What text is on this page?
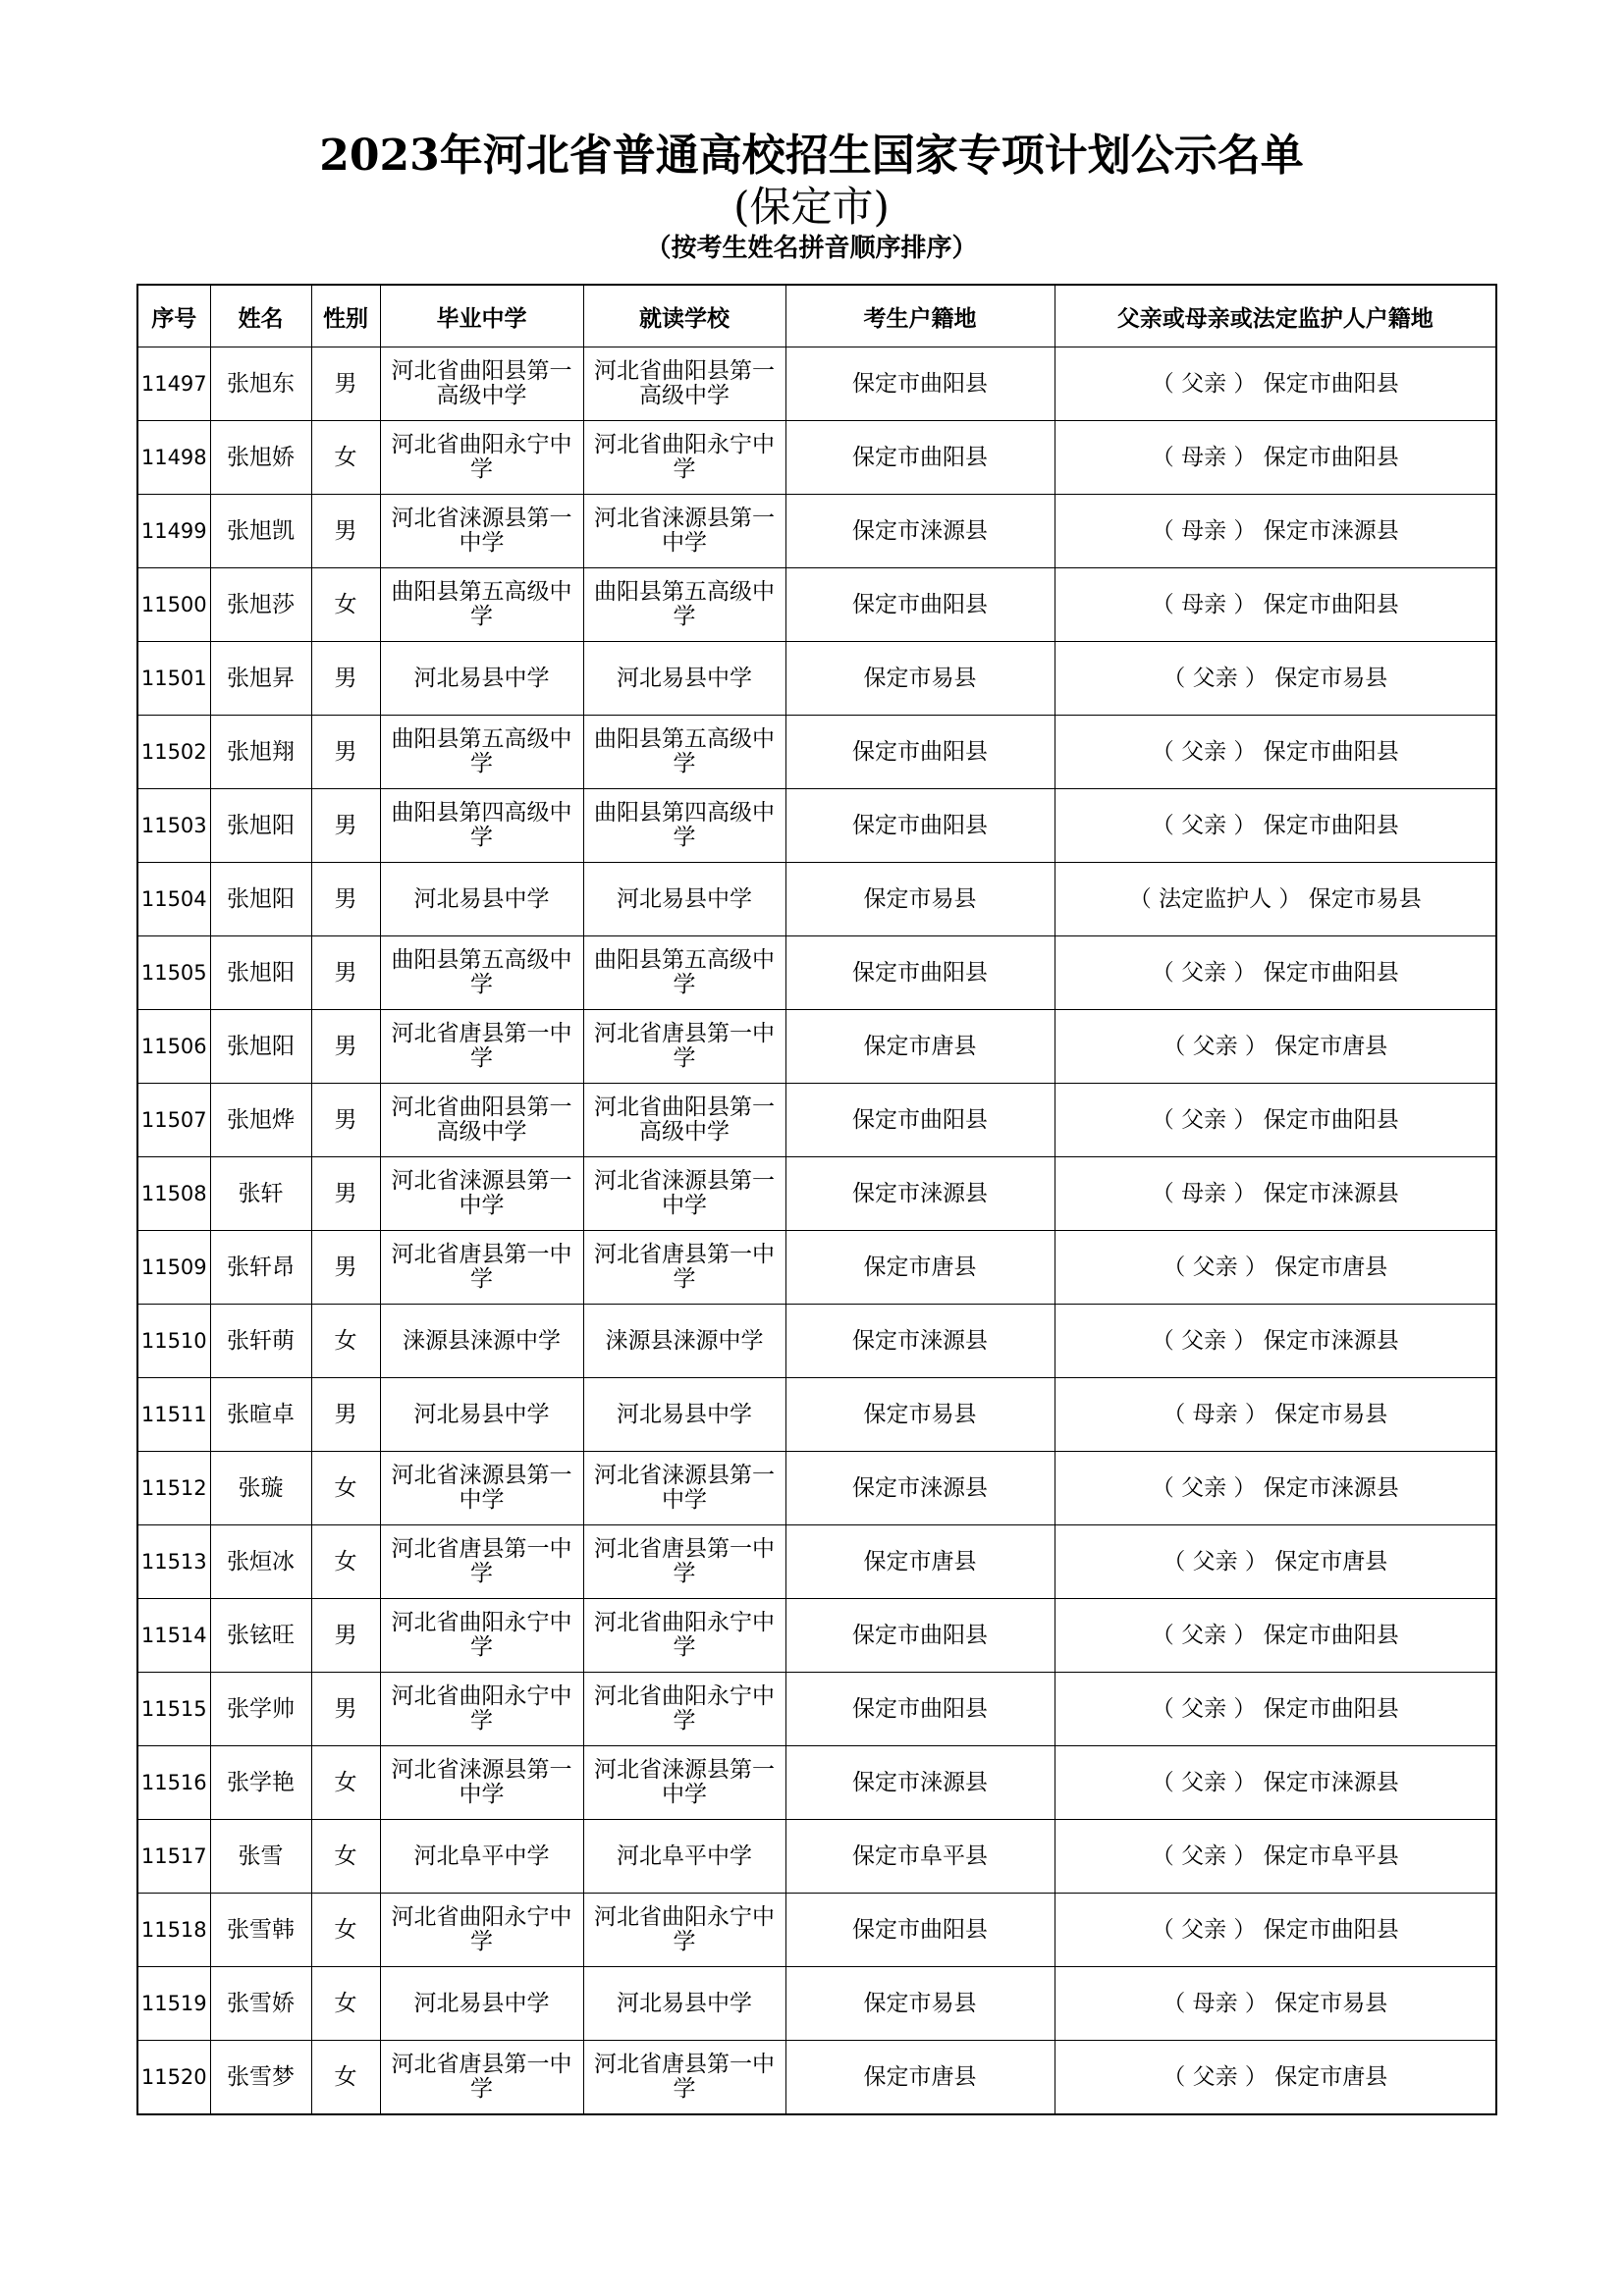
2023年河北省普通高校招生国家专项计划公示名单
(保定市)
（按考生姓名拼音顺序排序）
序号	姓名	性别	毕业中学	就读学校	考生户籍地	父亲或母亲或法定监护人户籍地
11497	张旭东	男	河北省曲阳县第一高级中学	河北省曲阳县第一高级中学	保定市曲阳县	（ 父亲 ） 保定市曲阳县
11498	张旭娇	女	河北省曲阳永宁中学	河北省曲阳永宁中学	保定市曲阳县	（ 母亲 ） 保定市曲阳县
11499	张旭凯	男	河北省涞源县第一中学	河北省涞源县第一中学	保定市涞源县	（ 母亲 ） 保定市涞源县
11500	张旭莎	女	曲阳县第五高级中学	曲阳县第五高级中学	保定市曲阳县	（ 母亲 ） 保定市曲阳县
11501	张旭昇	男	河北易县中学	河北易县中学	保定市易县	（ 父亲 ） 保定市易县
11502	张旭翔	男	曲阳县第五高级中学	曲阳县第五高级中学	保定市曲阳县	（ 父亲 ） 保定市曲阳县
11503	张旭阳	男	曲阳县第四高级中学	曲阳县第四高级中学	保定市曲阳县	（ 父亲 ） 保定市曲阳县
11504	张旭阳	男	河北易县中学	河北易县中学	保定市易县	（ 法定监护人 ） 保定市易县
11505	张旭阳	男	曲阳县第五高级中学	曲阳县第五高级中学	保定市曲阳县	（ 父亲 ） 保定市曲阳县
11506	张旭阳	男	河北省唐县第一中学	河北省唐县第一中学	保定市唐县	（ 父亲 ） 保定市唐县
11507	张旭烨	男	河北省曲阳县第一高级中学	河北省曲阳县第一高级中学	保定市曲阳县	（ 父亲 ） 保定市曲阳县
11508	张轩	男	河北省涞源县第一中学	河北省涞源县第一中学	保定市涞源县	（ 母亲 ） 保定市涞源县
11509	张轩昂	男	河北省唐县第一中学	河北省唐县第一中学	保定市唐县	（ 父亲 ） 保定市唐县
11510	张轩萌	女	涞源县涞源中学	涞源县涞源中学	保定市涞源县	（ 父亲 ） 保定市涞源县
11511	张暄卓	男	河北易县中学	河北易县中学	保定市易县	（ 母亲 ） 保定市易县
11512	张璇	女	河北省涞源县第一中学	河北省涞源县第一中学	保定市涞源县	（ 父亲 ） 保定市涞源县
11513	张烜冰	女	河北省唐县第一中学	河北省唐县第一中学	保定市唐县	（ 父亲 ） 保定市唐县
11514	张铉旺	男	河北省曲阳永宁中学	河北省曲阳永宁中学	保定市曲阳县	（ 父亲 ） 保定市曲阳县
11515	张学帅	男	河北省曲阳永宁中学	河北省曲阳永宁中学	保定市曲阳县	（ 父亲 ） 保定市曲阳县
11516	张学艳	女	河北省涞源县第一中学	河北省涞源县第一中学	保定市涞源县	（ 父亲 ） 保定市涞源县
11517	张雪	女	河北阜平中学	河北阜平中学	保定市阜平县	（ 父亲 ） 保定市阜平县
11518	张雪韩	女	河北省曲阳永宁中学	河北省曲阳永宁中学	保定市曲阳县	（ 父亲 ） 保定市曲阳县
11519	张雪娇	女	河北易县中学	河北易县中学	保定市易县	（ 母亲 ） 保定市易县
11520	张雪梦	女	河北省唐县第一中学	河北省唐县第一中学	保定市唐县	（ 父亲 ） 保定市唐县
